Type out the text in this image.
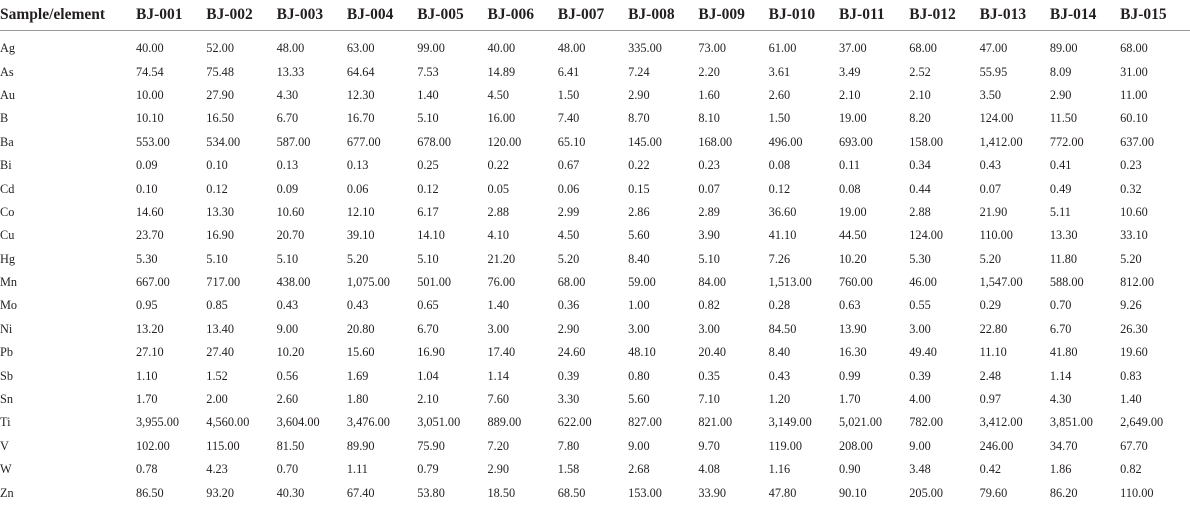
Sample/element	BJ-001	BJ-002	BJ-003	BJ-004	BJ-005	BJ-006	BJ-007	BJ-008	BJ-009	BJ-010	BJ-011	BJ-012	BJ-013	BJ-014	BJ-015
Ag	40.00	52.00	48.00	63.00	99.00	40.00	48.00	335.00	73.00	61.00	37.00	68.00	47.00	89.00	68.00
As	74.54	75.48	13.33	64.64	7.53	14.89	6.41	7.24	2.20	3.61	3.49	2.52	55.95	8.09	31.00
Au	10.00	27.90	4.30	12.30	1.40	4.50	1.50	2.90	1.60	2.60	2.10	2.10	3.50	2.90	11.00
B	10.10	16.50	6.70	16.70	5.10	16.00	7.40	8.70	8.10	1.50	19.00	8.20	124.00	11.50	60.10
Ba	553.00	534.00	587.00	677.00	678.00	120.00	65.10	145.00	168.00	496.00	693.00	158.00	1,412.00	772.00	637.00
Bi	0.09	0.10	0.13	0.13	0.25	0.22	0.67	0.22	0.23	0.08	0.11	0.34	0.43	0.41	0.23
Cd	0.10	0.12	0.09	0.06	0.12	0.05	0.06	0.15	0.07	0.12	0.08	0.44	0.07	0.49	0.32
Co	14.60	13.30	10.60	12.10	6.17	2.88	2.99	2.86	2.89	36.60	19.00	2.88	21.90	5.11	10.60
Cu	23.70	16.90	20.70	39.10	14.10	4.10	4.50	5.60	3.90	41.10	44.50	124.00	110.00	13.30	33.10
Hg	5.30	5.10	5.10	5.20	5.10	21.20	5.20	8.40	5.10	7.26	10.20	5.30	5.20	11.80	5.20
Mn	667.00	717.00	438.00	1,075.00	501.00	76.00	68.00	59.00	84.00	1,513.00	760.00	46.00	1,547.00	588.00	812.00
Mo	0.95	0.85	0.43	0.43	0.65	1.40	0.36	1.00	0.82	0.28	0.63	0.55	0.29	0.70	9.26
Ni	13.20	13.40	9.00	20.80	6.70	3.00	2.90	3.00	3.00	84.50	13.90	3.00	22.80	6.70	26.30
Pb	27.10	27.40	10.20	15.60	16.90	17.40	24.60	48.10	20.40	8.40	16.30	49.40	11.10	41.80	19.60
Sb	1.10	1.52	0.56	1.69	1.04	1.14	0.39	0.80	0.35	0.43	0.99	0.39	2.48	1.14	0.83
Sn	1.70	2.00	2.60	1.80	2.10	7.60	3.30	5.60	7.10	1.20	1.70	4.00	0.97	4.30	1.40
Ti	3,955.00	4,560.00	3,604.00	3,476.00	3,051.00	889.00	622.00	827.00	821.00	3,149.00	5,021.00	782.00	3,412.00	3,851.00	2,649.00
V	102.00	115.00	81.50	89.90	75.90	7.20	7.80	9.00	9.70	119.00	208.00	9.00	246.00	34.70	67.70
W	0.78	4.23	0.70	1.11	0.79	2.90	1.58	2.68	4.08	1.16	0.90	3.48	0.42	1.86	0.82
Zn	86.50	93.20	40.30	67.40	53.80	18.50	68.50	153.00	33.90	47.80	90.10	205.00	79.60	86.20	110.00
